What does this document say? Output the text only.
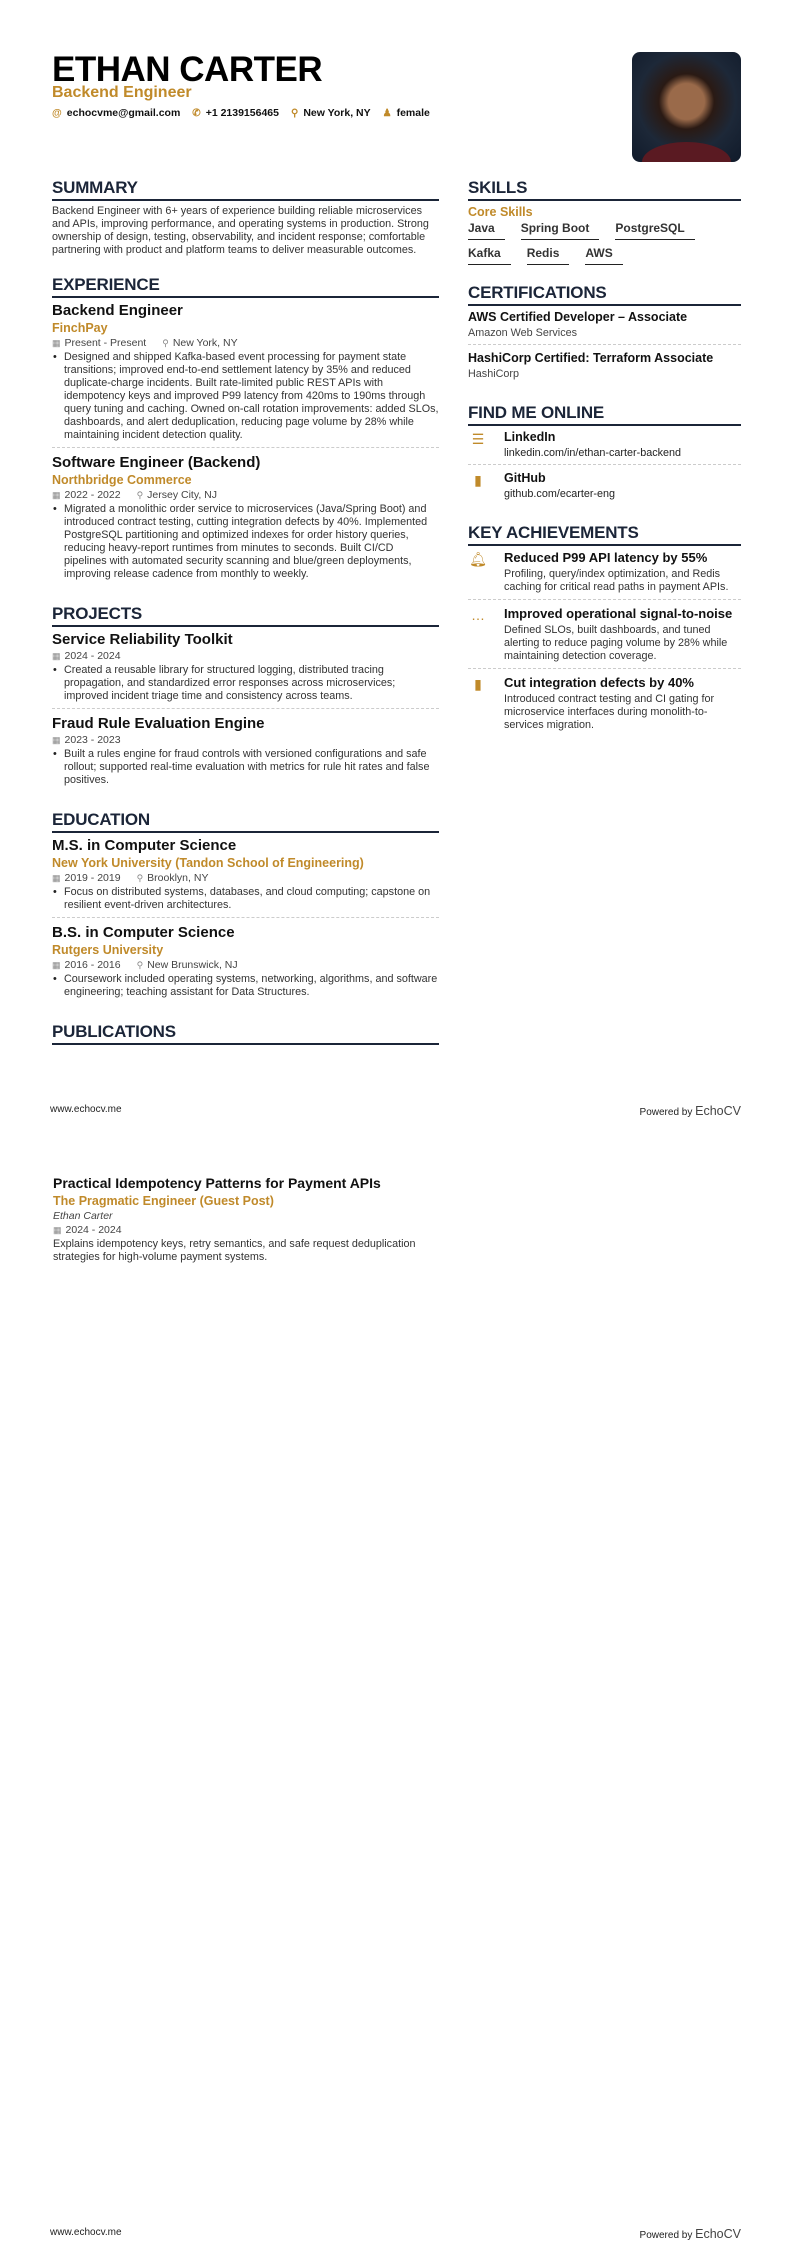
ETHAN CARTER
Backend Engineer
@ echocvme@gmail.com ✆ +1 2139156465 ⚲ New York, NY ♟ female
SUMMARY

Backend Engineer with 6+ years of experience building reliable microservices and APIs, improving performance, and operating systems in production. Strong ownership of design, testing, observability, and incident response; comfortable partnering with product and platform teams to deliver measurable outcomes.

EXPERIENCE
Backend Engineer
FinchPay
▦ Present - Present ⚲ New York, NY
• Designed and shipped Kafka-based event processing for payment state transitions; improved end-to-end settlement latency by 35% and reduced duplicate-charge incidents. Built rate-limited public REST APIs with idempotency keys and improved P99 latency from 420ms to 190ms through query tuning and caching. Owned on-call rotation improvements: added SLOs, dashboards, and alert deduplication, reducing page volume by 28% while maintaining incident detection quality.
Software Engineer (Backend)
Northbridge Commerce
▦ 2022 - 2022 ⚲ Jersey City, NJ
• Migrated a monolithic order service to microservices (Java/Spring Boot) and introduced contract testing, cutting integration defects by 40%. Implemented PostgreSQL partitioning and optimized indexes for order history queries, reducing heavy-report runtimes from minutes to seconds. Built CI/CD pipelines with automated security scanning and blue/green deployments, improving release cadence from monthly to weekly.
PROJECTS
Service Reliability Toolkit
▦ 2024 - 2024
• Created a reusable library for structured logging, distributed tracing propagation, and standardized error responses across microservices; improved incident triage time and consistency across teams.
Fraud Rule Evaluation Engine
▦ 2023 - 2023
• Built a rules engine for fraud controls with versioned configurations and safe rollout; supported real-time evaluation with metrics for rule hit rates and false positives.
EDUCATION
M.S. in Computer Science
New York University (Tandon School of Engineering)
▦ 2019 - 2019 ⚲ Brooklyn, NY
• Focus on distributed systems, databases, and cloud computing; capstone on resilient event-driven architectures.
B.S. in Computer Science
Rutgers University
▦ 2016 - 2016 ⚲ New Brunswick, NJ
• Coursework included operating systems, networking, algorithms, and software engineering; teaching assistant for Data Structures.
PUBLICATIONS
SKILLS
Core Skills
Java	Spring Boot	PostgreSQL
Kafka	Redis	AWS
CERTIFICATIONS
AWS Certified Developer – Associate
Amazon Web Services
HashiCorp Certified: Terraform Associate
HashiCorp
FIND ME ONLINE
☰ LinkedIn
linkedin.com/in/ethan-carter-backend
▮	GitHub
github.com/ecarter-eng
KEY ACHIEVEMENTS
🔔︎ Reduced P99 API latency by 55%

Profiling, query/index optimization, and Redis caching for critical read paths in payment APIs.

… Improved operational signal-to-noise

Defined SLOs, built dashboards, and tuned alerting to reduce paging volume by 28% while maintaining detection coverage.

▮	Cut integration defects by 40%

Introduced contract testing and CI gating for microservice interfaces during monolith-to-services migration.

www.echocv.me	Powered by EchoCV
Practical Idempotency Patterns for Payment APIs
The Pragmatic Engineer (Guest Post)
Ethan Carter
▦ 2024 - 2024

Explains idempotency keys, retry semantics, and safe request deduplication strategies for high-volume payment systems.

www.echocv.me	Powered by EchoCV
